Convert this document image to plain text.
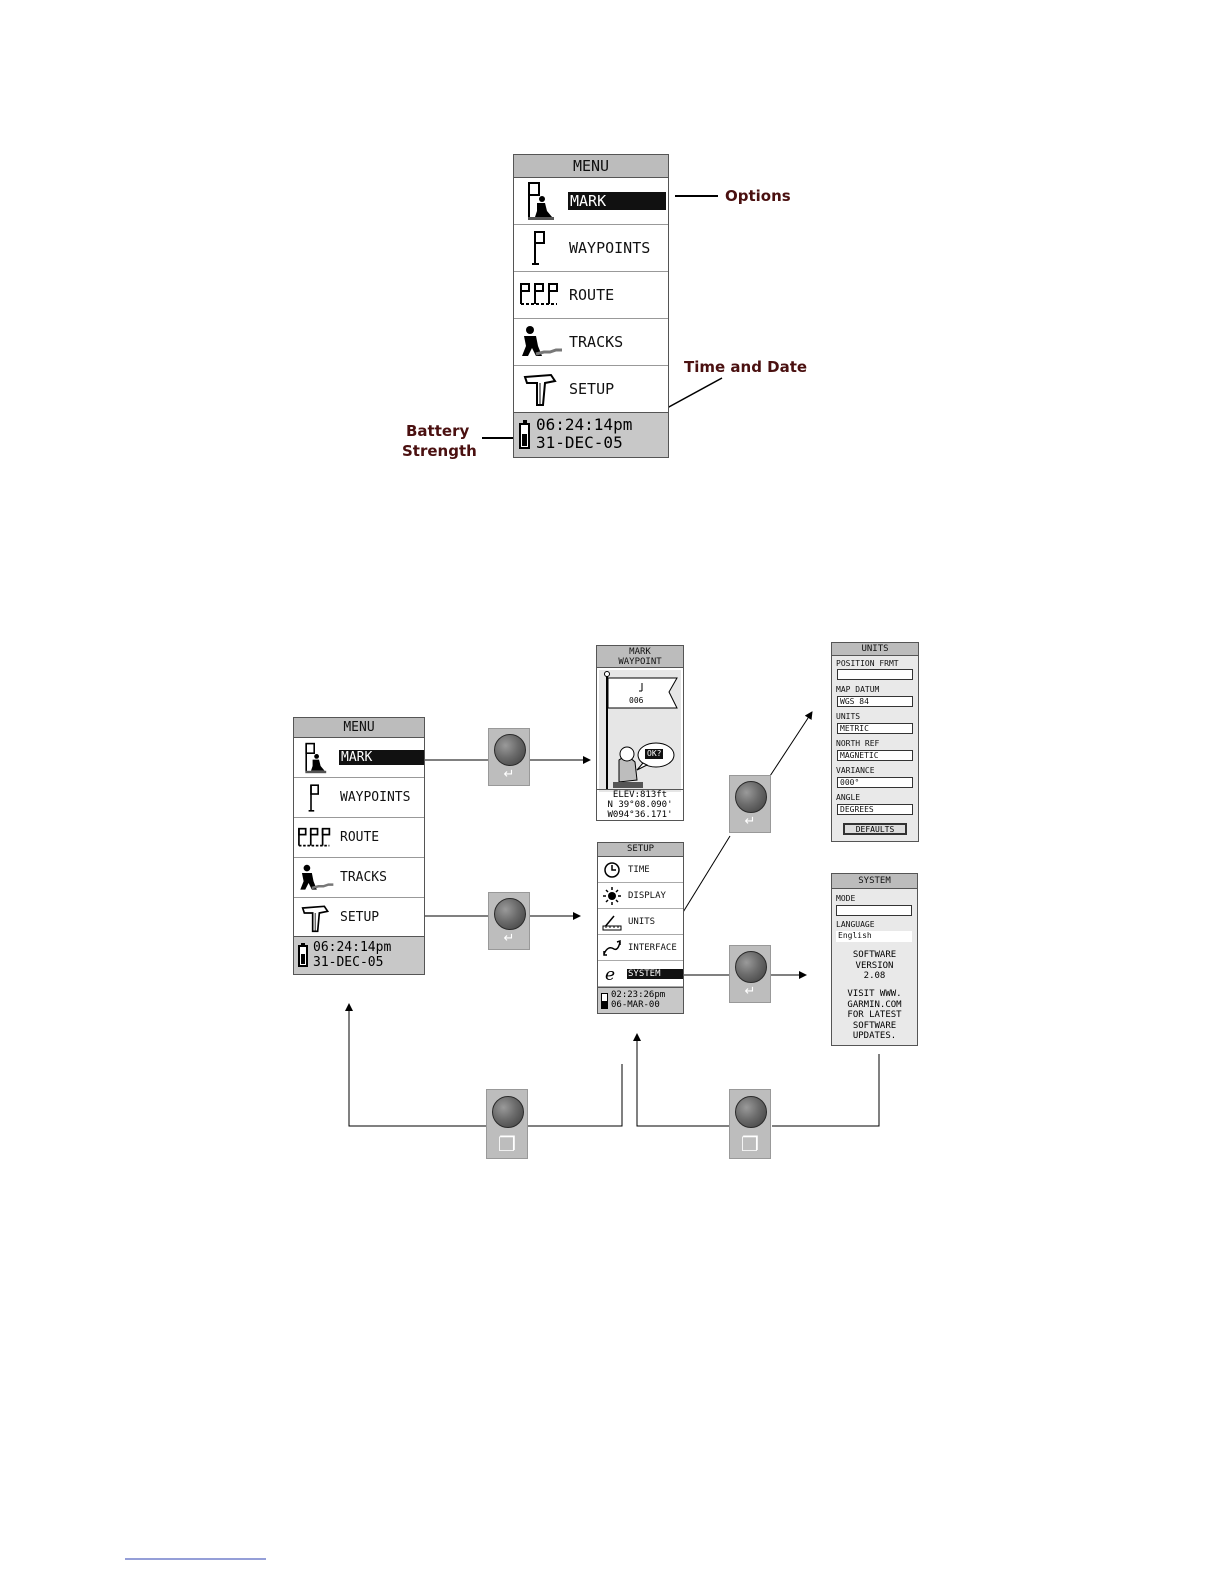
MENU
MARK
WAYPOINTS
ROUTE
TRACKS
SETUP
06:24:14pm
31-DEC-05
Options
Time and Date
Battery
Strength
MENU
MARK
WAYPOINTS
ROUTE
TRACKS
SETUP
06:24:14pm
31-DEC-05
↵
↵
↵
↵
❐	❐
MARK
WAYPOINT
006
OK?
ELEV:813ft
N 39°08.090'
W094°36.171'
SETUP
TIME
DISPLAY
UNITS
INTERFACE
e SYSTEM
02:23:26pm
06-MAR-00
UNITS
POSITION FRMT
hddd.ddddd°
MAP DATUM
WGS 84
UNITS
METRIC
NORTH REF
MAGNETIC
VARIANCE
000°
ANGLE
DEGREES
DEFAULTS
SYSTEM
MODE
NORMAL
LANGUAGE
English
SOFTWARE
VERSION
2.08
VISIT WWW.
GARMIN.COM
FOR LATEST
SOFTWARE
UPDATES.
